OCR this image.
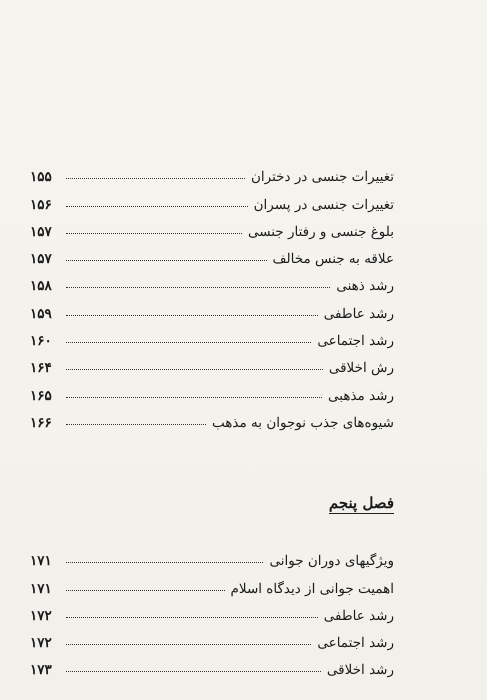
تغییرات جنسی در دختران
۱۵۵
تغییرات جنسی در پسران
۱۵۶
بلوغ جنسی و رفتار جنسی
۱۵۷
علاقه به جنس مخالف
۱۵۷
رشد ذهنی
۱۵۸
رشد عاطفی
۱۵۹
رشد اجتماعی
۱۶۰
رش اخلاقی
۱۶۴
رشد مذهبی
۱۶۵
شیوه‌های جذب نوجوان به مذهب
۱۶۶
فصل پنجم
ویژگیهای دوران جوانی
۱۷۱
اهمیت جوانی از دیدگاه اسلام
۱۷۱
رشد عاطفی
۱۷۲
رشد اجتماعی
۱۷۲
رشد اخلاقی
۱۷۳
